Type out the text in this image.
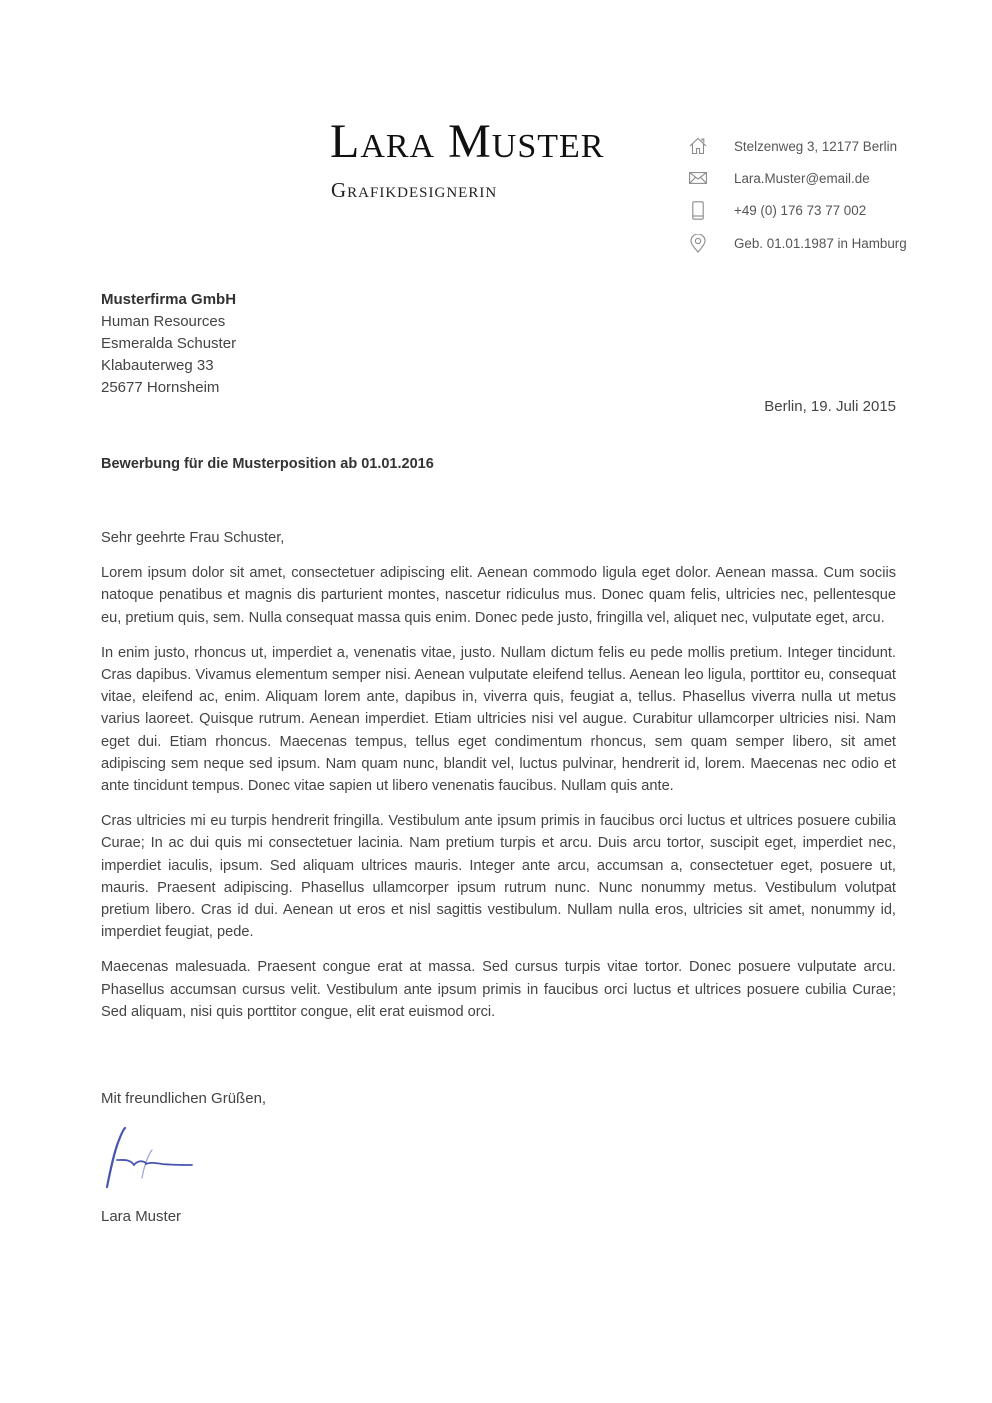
Lara Muster
Grafikdesignerin
Stelzenweg 3, 12177 Berlin
Lara.Muster@email.de
+49 (0) 176 73 77 002
Geb. 01.01.1987 in Hamburg
Musterfirma GmbH
Human Resources
Esmeralda Schuster
Klabauterweg 33
25677 Hornsheim
Berlin, 19. Juli 2015
Bewerbung für die Musterposition ab 01.01.2016

Sehr geehrte Frau Schuster,

Lorem ipsum dolor sit amet, consectetuer adipiscing elit. Aenean commodo ligula eget dolor. Aenean massa. Cum sociis natoque penatibus et magnis dis parturient montes, nascetur ridiculus mus. Donec quam felis, ultricies nec, pellentesque eu, pretium quis, sem. Nulla consequat massa quis enim. Donec pede justo, fringilla vel, aliquet nec, vulputate eget, arcu.

In enim justo, rhoncus ut, imperdiet a, venenatis vitae, justo. Nullam dictum felis eu pede mollis pretium. Integer tincidunt. Cras dapibus. Vivamus elementum semper nisi. Aenean vulputate eleifend tellus. Aenean leo ligula, porttitor eu, consequat vitae, eleifend ac, enim. Aliquam lorem ante, dapibus in, viverra quis, feugiat a, tellus. Phasellus viverra nulla ut metus varius laoreet. Quisque rutrum. Aenean imperdiet. Etiam ultricies nisi vel augue. Curabitur ullamcorper ultricies nisi. Nam eget dui. Etiam rhoncus. Maecenas tempus, tellus eget condimentum rhoncus, sem quam semper libero, sit amet adipiscing sem neque sed ipsum. Nam quam nunc, blandit vel, luctus pulvinar, hendrerit id, lorem. Maecenas nec odio et ante tincidunt tempus. Donec vitae sapien ut libero venenatis faucibus. Nullam quis ante.

Cras ultricies mi eu turpis hendrerit fringilla. Vestibulum ante ipsum primis in faucibus orci luctus et ultrices posuere cubilia Curae; In ac dui quis mi consectetuer lacinia. Nam pretium turpis et arcu. Duis arcu tortor, suscipit eget, imperdiet nec, imperdiet iaculis, ipsum. Sed aliquam ultrices mauris. Integer ante arcu, accumsan a, consectetuer eget, posuere ut, mauris. Praesent adipiscing. Phasellus ullamcorper ipsum rutrum nunc. Nunc nonummy metus. Vestibulum volutpat pretium libero. Cras id dui. Aenean ut eros et nisl sagittis vestibulum. Nullam nulla eros, ultricies sit amet, nonummy id, imperdiet feugiat, pede.

Maecenas malesuada. Praesent congue erat at massa. Sed cursus turpis vitae tortor. Donec posuere vulputate arcu. Phasellus accumsan cursus velit. Vestibulum ante ipsum primis in faucibus orci luctus et ultrices posuere cubilia Curae; Sed aliquam, nisi quis porttitor congue, elit erat euismod orci.

Mit freundlichen Grüßen,
Lara Muster
